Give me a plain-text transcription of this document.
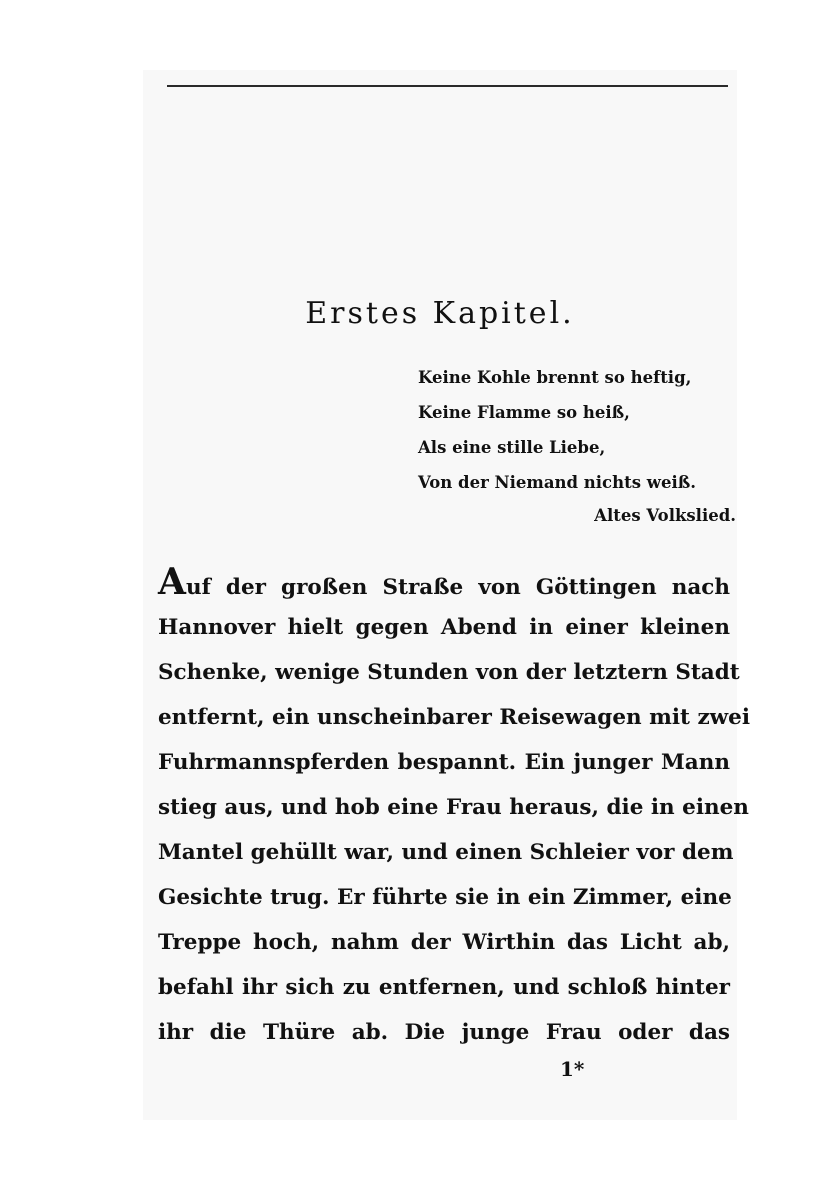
Erstes Kapitel.
Keine Kohle brennt so heftig,
Keine Flamme so heiß,
Als eine stille Liebe,
Von der Niemand nichts weiß.
Altes Volkslied.
Auf der großen Straße von Göttingen nach
Hannover hielt gegen Abend in einer kleinen
Schenke, wenige Stunden von der letztern Stadt
entfernt, ein unscheinbarer Reisewagen mit zwei
Fuhrmannspferden bespannt. Ein junger Mann
stieg aus, und hob eine Frau heraus, die in einen
Mantel gehüllt war, und einen Schleier vor dem
Gesichte trug. Er führte sie in ein Zimmer, eine
Treppe hoch, nahm der Wirthin das Licht ab,
befahl ihr sich zu entfernen, und schloß hinter
ihr die Thüre ab. Die junge Frau oder das
1*
